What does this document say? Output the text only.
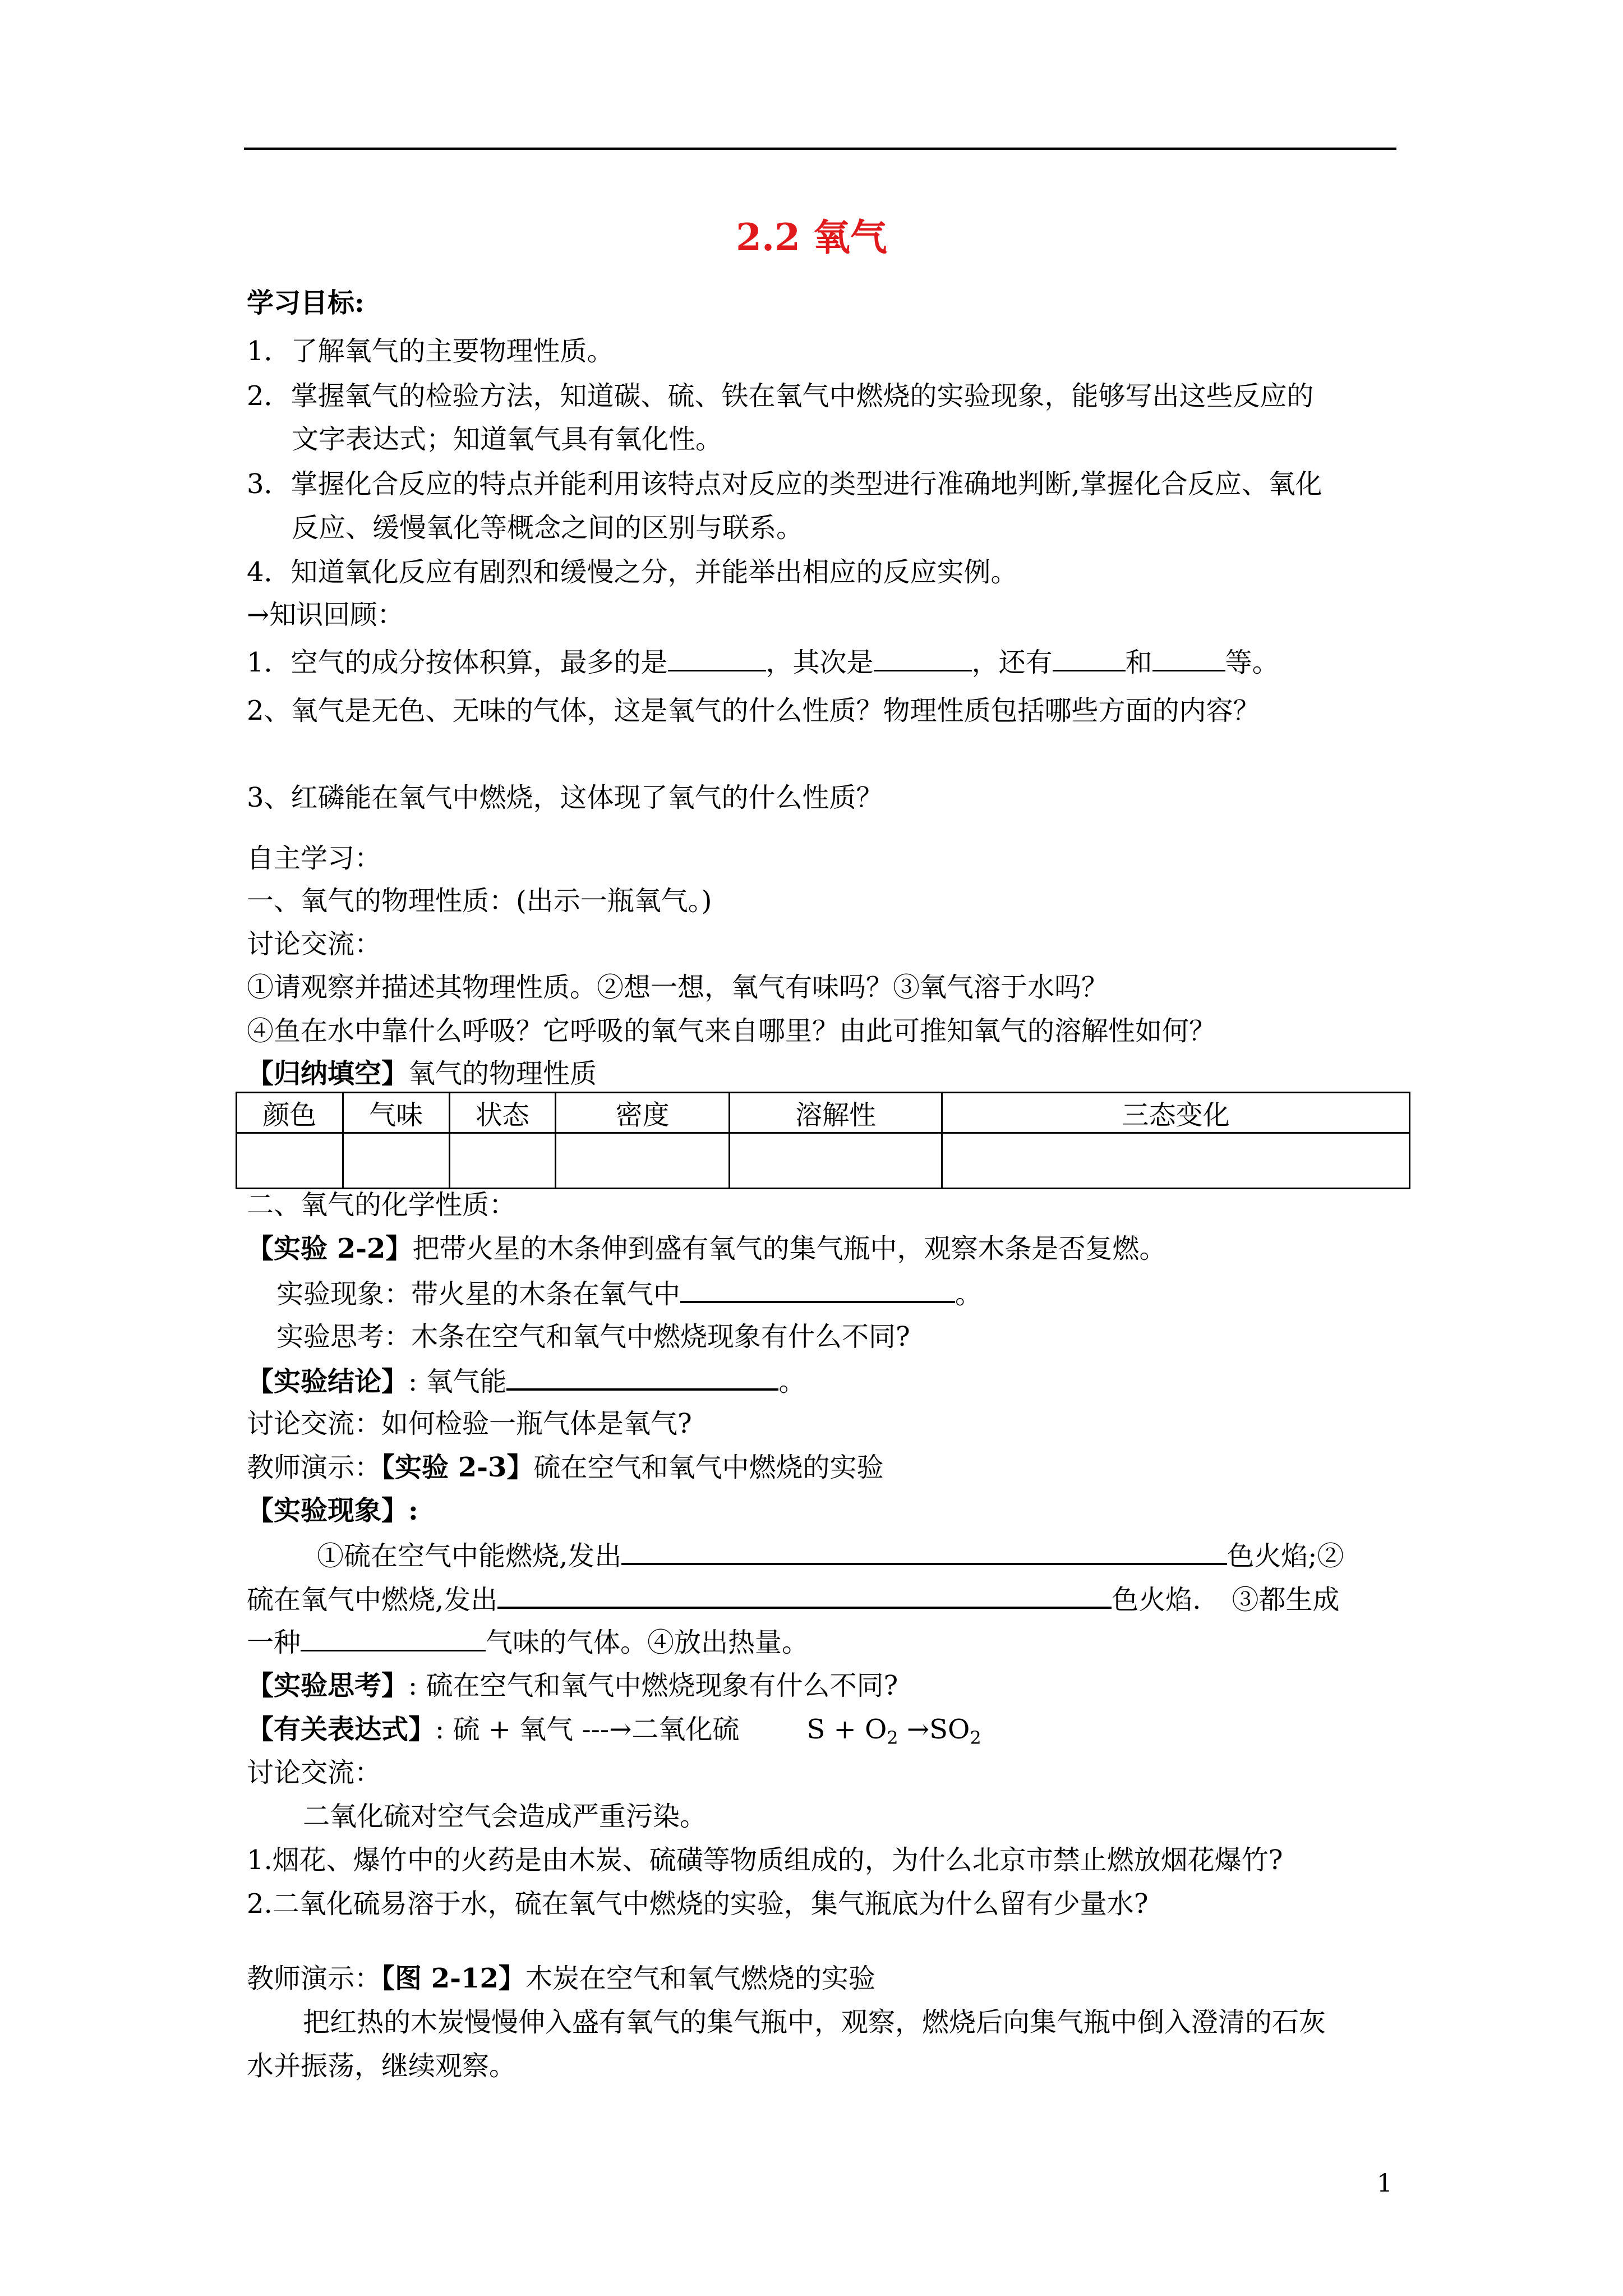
2.2 氧气
学习目标:
1．了解氧气的主要物理性质。
2．掌握氧气的检验方法，知道碳、硫、铁在氧气中燃烧的实验现象，能够写出这些反应的
文字表达式；知道氧气具有氧化性。
3．掌握化合反应的特点并能利用该特点对反应的类型进行准确地判断,掌握化合反应、氧化
反应、缓慢氧化等概念之间的区别与联系。
4．知道氧化反应有剧烈和缓慢之分，并能举出相应的反应实例。
→知识回顾：
1．空气的成分按体积算，最多的是	，其次是	，还有	和	等。
2、氧气是无色、无味的气体，这是氧气的什么性质？物理性质包括哪些方面的内容？
3、红磷能在氧气中燃烧，这体现了氧气的什么性质？
自主学习：
一、氧气的物理性质：(出示一瓶氧气。)
讨论交流：
①请观察并描述其物理性质。②想一想，氧气有味吗？③氧气溶于水吗？
④鱼在水中靠什么呼吸？它呼吸的氧气来自哪里？由此可推知氧气的溶解性如何？
【归纳填空】氧气的物理性质
颜色	气味	状态	密度	溶解性	三态变化

二、氧气的化学性质：
【实验 2-2】把带火星的木条伸到盛有氧气的集气瓶中，观察木条是否复燃。
实验现象：带火星的木条在氧气中	。
实验思考：木条在空气和氧气中燃烧现象有什么不同?
【实验结论】: 氧气能	。
讨论交流：如何检验一瓶气体是氧气?
教师演示：【实验 2-3】硫在空气和氧气中燃烧的实验
【实验现象】:
①硫在空气中能燃烧,发出	色火焰;②
硫在氧气中燃烧,发出	色火焰. ③都生成
一种	气味的气体。④放出热量。
【实验思考】: 硫在空气和氧气中燃烧现象有什么不同?
【有关表达式】: 硫 + 氧气 ---→二氧化硫	$S + O_2 \to SO_2$
讨论交流：
二氧化硫对空气会造成严重污染。
1.烟花、爆竹中的火药是由木炭、硫磺等物质组成的，为什么北京市禁止燃放烟花爆竹?
2.二氧化硫易溶于水，硫在氧气中燃烧的实验，集气瓶底为什么留有少量水?
教师演示：【图 2-12】木炭在空气和氧气燃烧的实验
把红热的木炭慢慢伸入盛有氧气的集气瓶中，观察，燃烧后向集气瓶中倒入澄清的石灰
水并振荡，继续观察。
1
